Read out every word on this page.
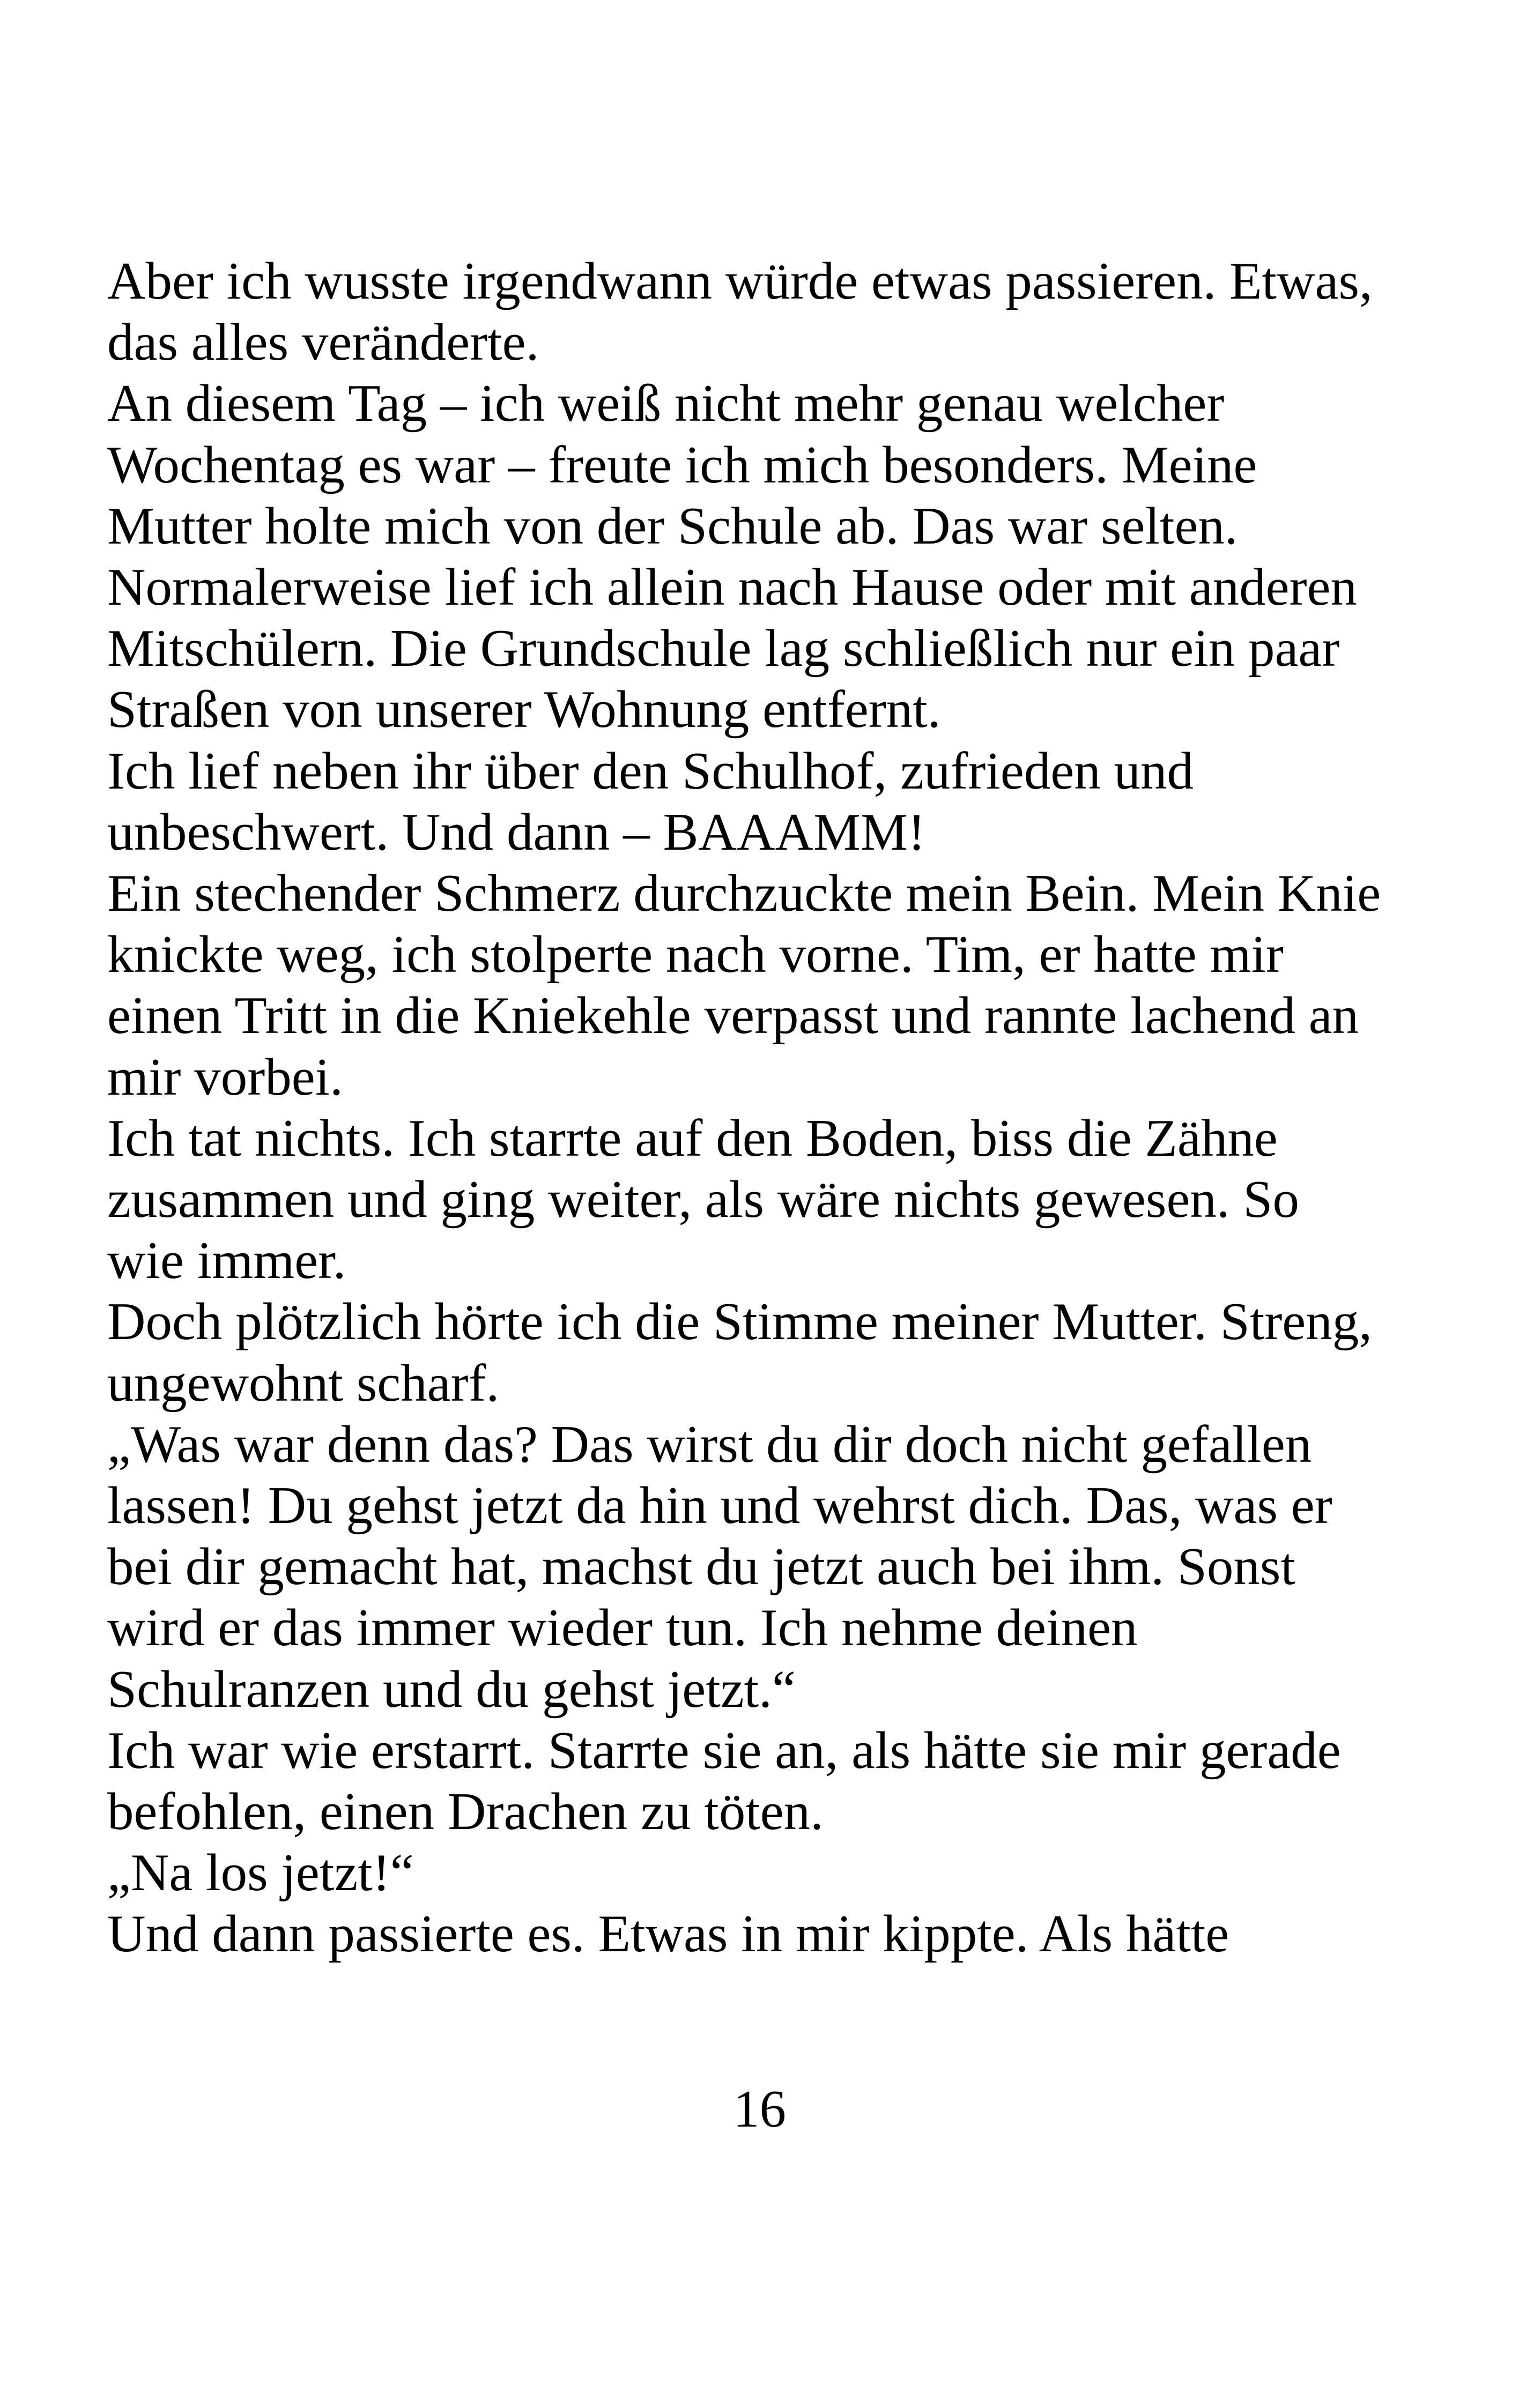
Aber ich wusste irgendwann würde etwas passieren. Etwas,
das alles veränderte.
An diesem Tag – ich weiß nicht mehr genau welcher
Wochentag es war – freute ich mich besonders. Meine
Mutter holte mich von der Schule ab. Das war selten.
Normalerweise lief ich allein nach Hause oder mit anderen
Mitschülern. Die Grundschule lag schließlich nur ein paar
Straßen von unserer Wohnung entfernt.
Ich lief neben ihr über den Schulhof, zufrieden und
unbeschwert. Und dann – BAAAMM!
Ein stechender Schmerz durchzuckte mein Bein. Mein Knie
knickte weg, ich stolperte nach vorne. Tim, er hatte mir
einen Tritt in die Kniekehle verpasst und rannte lachend an
mir vorbei.
Ich tat nichts. Ich starrte auf den Boden, biss die Zähne
zusammen und ging weiter, als wäre nichts gewesen. So
wie immer.
Doch plötzlich hörte ich die Stimme meiner Mutter. Streng,
ungewohnt scharf.
„Was war denn das? Das wirst du dir doch nicht gefallen
lassen! Du gehst jetzt da hin und wehrst dich. Das, was er
bei dir gemacht hat, machst du jetzt auch bei ihm. Sonst
wird er das immer wieder tun. Ich nehme deinen
Schulranzen und du gehst jetzt.“
Ich war wie erstarrt. Starrte sie an, als hätte sie mir gerade
befohlen, einen Drachen zu töten.
„Na los jetzt!“
Und dann passierte es. Etwas in mir kippte. Als hätte
16
